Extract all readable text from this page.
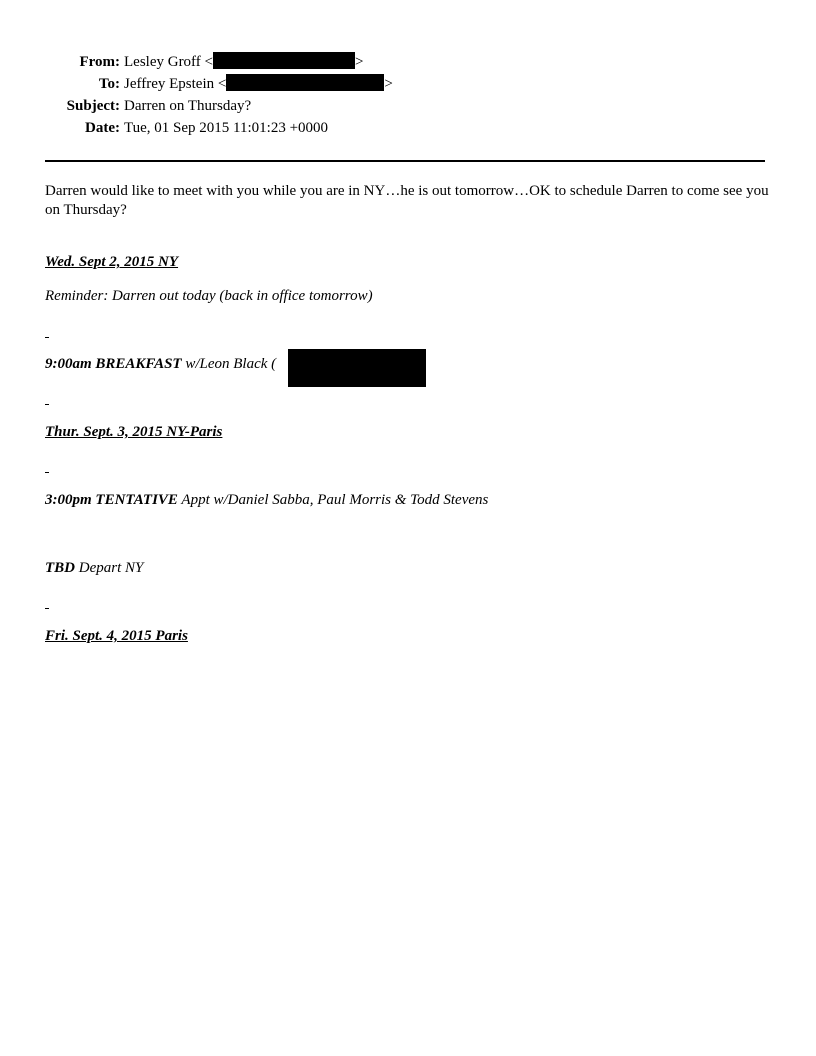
From: Lesley Groff <	>
To: Jeffrey Epstein <	>
Subject: Darren on Thursday?
Date: Tue, 01 Sep 2015 11:01:23 +0000
Darren would like to meet with you while you are in NY…he is out tomorrow…OK to schedule Darren to come see you on Thursday?
Wed. Sept 2, 2015 NY
Reminder: Darren out today (back in office tomorrow)
9:00am BREAKFAST w/Leon Black (
Thur. Sept. 3, 2015 NY-Paris
3:00pm TENTATIVE Appt w/Daniel Sabba, Paul Morris & Todd Stevens
TBD Depart NY
Fri. Sept. 4, 2015 Paris
